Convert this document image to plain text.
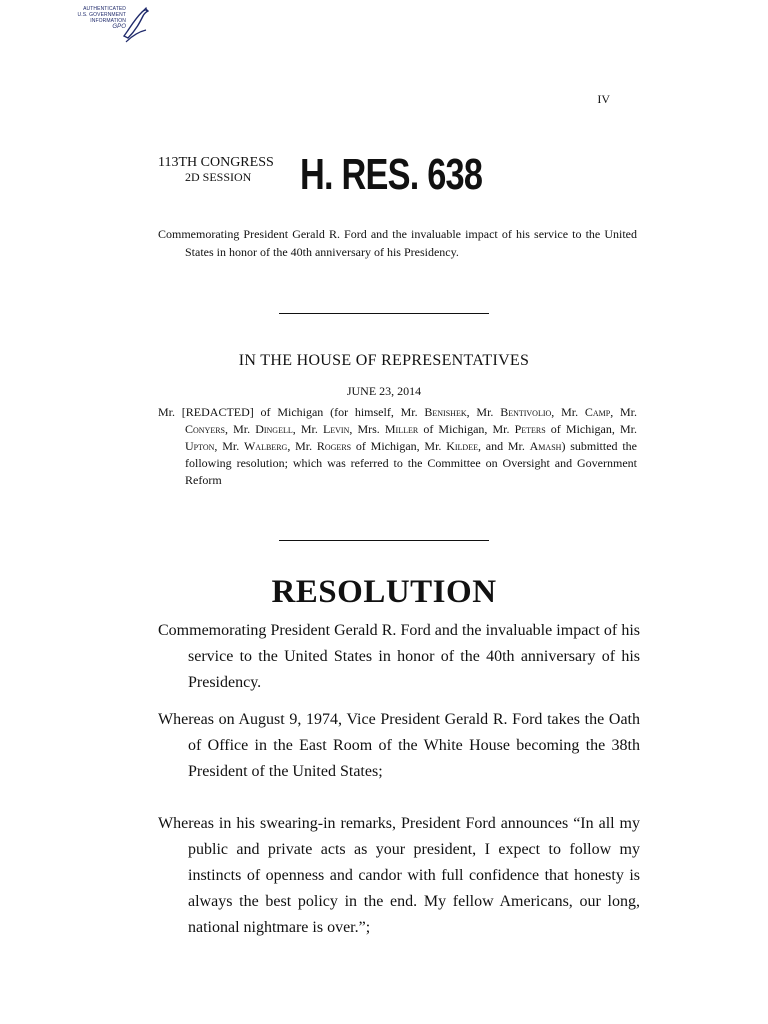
AUTHENTICATED
U.S. GOVERNMENT
INFORMATION
GPO
IV
113TH CONGRESS
2D SESSION	H. RES. 638
Commemorating President Gerald R. Ford and the invaluable impact of his service to the United States in honor of the 40th anniversary of his Presidency.
IN THE HOUSE OF REPRESENTATIVES
JUNE 23, 2014
Mr. [REDACTED] of Michigan (for himself, Mr. Benishek, Mr. Bentivolio, Mr. Camp, Mr. Conyers, Mr. Dingell, Mr. Levin, Mrs. Miller of Michigan, Mr. Peters of Michigan, Mr. Upton, Mr. Walberg, Mr. Rogers of Michigan, Mr. Kildee, and Mr. Amash) submitted the following resolution; which was referred to the Committee on Oversight and Government Reform
RESOLUTION

Commemorating President Gerald R. Ford and the invaluable impact of his service to the United States in honor of the 40th anniversary of his Presidency.

Whereas on August 9, 1974, Vice President Gerald R. Ford takes the Oath of Office in the East Room of the White House becoming the 38th President of the United States;

Whereas in his swearing-in remarks, President Ford announces “In all my public and private acts as your president, I expect to follow my instincts of openness and candor with full confidence that honesty is always the best policy in the end. My fellow Americans, our long, national nightmare is over.”;
